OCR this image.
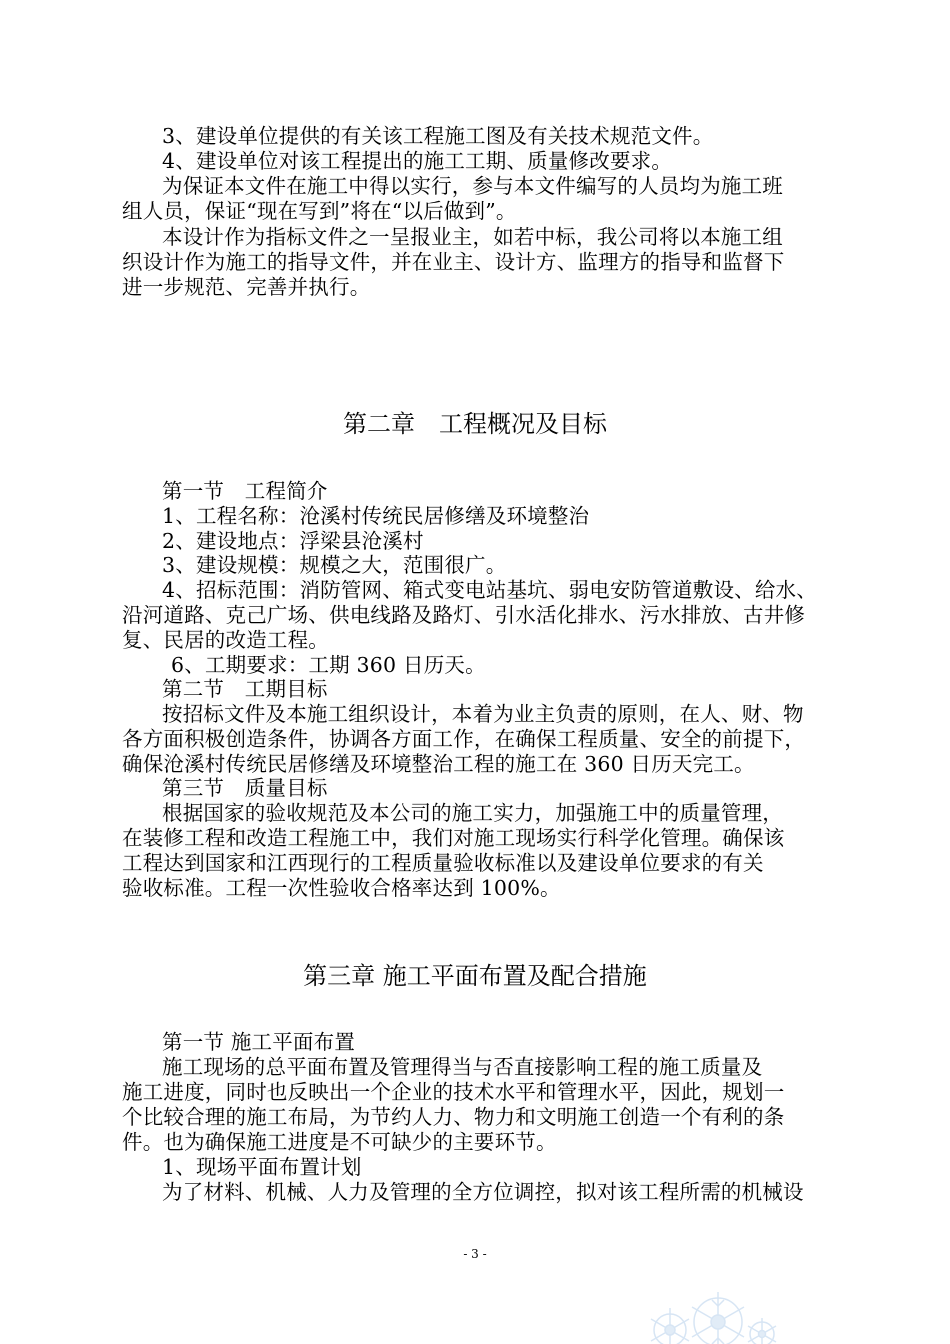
3、建设单位提供的有关该工程施工图及有关技术规范文件。
4、建设单位对该工程提出的施工工期、质量修改要求。
为保证本文件在施工中得以实行，参与本文件编写的人员均为施工班
组人员，保证“现在写到”将在“以后做到”。
本设计作为指标文件之一呈报业主，如若中标，我公司将以本施工组
织设计作为施工的指导文件，并在业主、设计方、监理方的指导和监督下
进一步规范、完善并执行。
第二章　工程概况及目标
第一节　工程简介
1、工程名称：沧溪村传统民居修缮及环境整治
2、建设地点：浮梁县沧溪村
3、建设规模：规模之大，范围很广。
4、招标范围：消防管网、箱式变电站基坑、弱电安防管道敷设、给水、
沿河道路、克己广场、供电线路及路灯、引水活化排水、污水排放、古井修
复、民居的改造工程。
6、工期要求：工期 360 日历天。
第二节　工期目标
按招标文件及本施工组织设计，本着为业主负责的原则，在人、财、物
各方面积极创造条件，协调各方面工作，在确保工程质量、安全的前提下，
确保沧溪村传统民居修缮及环境整治工程的施工在 360 日历天完工。
第三节　质量目标
根据国家的验收规范及本公司的施工实力，加强施工中的质量管理，
在装修工程和改造工程施工中，我们对施工现场实行科学化管理。确保该
工程达到国家和江西现行的工程质量验收标准以及建设单位要求的有关
验收标准。工程一次性验收合格率达到 100%。
第三章 施工平面布置及配合措施
第一节 施工平面布置
施工现场的总平面布置及管理得当与否直接影响工程的施工质量及
施工进度，同时也反映出一个企业的技术水平和管理水平，因此，规划一
个比较合理的施工布局，为节约人力、物力和文明施工创造一个有利的条
件。也为确保施工进度是不可缺少的主要环节。
1、现场平面布置计划
为了材料、机械、人力及管理的全方位调控，拟对该工程所需的机械设
- 3 -
